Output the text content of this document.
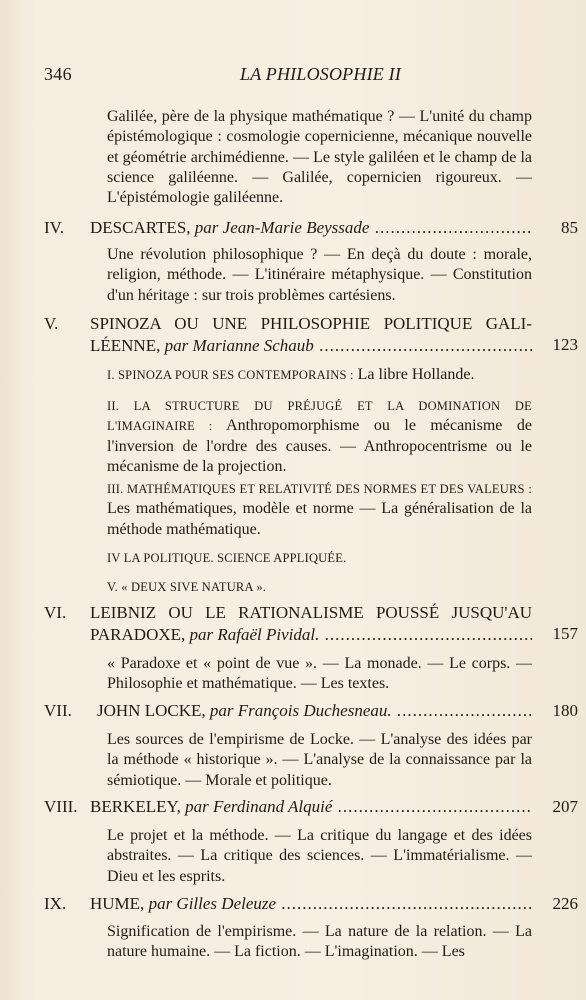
346	LA PHILOSOPHIE II
Galilée, père de la physique mathématique ? — L'unité du champ épistémologique : cosmologie copernicienne, mécanique nouvelle et géométrie archimédienne. — Le style galiléen et le champ de la science galiléenne. — Galilée, copernicien rigoureux. — L'épistémologie galiléenne.
IV. DESCARTES, par Jean-Marie Beyssade .....	85
Une révolution philosophique ? — En deçà du doute : morale, religion, méthode. — L'itinéraire métaphysique. — Constitution d'un héritage : sur trois problèmes cartésiens.
V. SPINOZA OU UNE PHILOSOPHIE POLITIQUE GALI-
LÉENNE, par Marianne Schaub .....	123
I. SPINOZA POUR SES CONTEMPORAINS : La libre Hollande.
II. LA STRUCTURE DU PRÉJUGÉ ET LA DOMINATION DE L'IMAGINAIRE : Anthropomorphisme ou le mécanisme de l'inversion de l'ordre des causes. — Anthropocentrisme ou le mécanisme de la projection.
III. MATHÉMATIQUES ET RELATIVITÉ DES NORMES ET DES VALEURS : Les mathématiques, modèle et norme — La généralisation de la méthode mathématique.
IV LA POLITIQUE. SCIENCE APPLIQUÉE.
V. « DEUX SIVE NATURA ».
VI. LEIBNIZ OU LE RATIONALISME POUSSÉ JUSQU'AU
PARADOXE, par Rafaël Pividal. .....	157
« Paradoxe et « point de vue ». — La monade. — Le corps. — Philosophie et mathématique. — Les textes.
VII. JOHN LOCKE, par François Duchesneau. .....	180
Les sources de l'empirisme de Locke. — L'analyse des idées par la méthode « historique ». — L'analyse de la connaissance par la sémiotique. — Morale et politique.
VIII. BERKELEY, par Ferdinand Alquié .....	207
Le projet et la méthode. — La critique du langage et des idées abstraites. — La critique des sciences. — L'immatérialisme. — Dieu et les esprits.
IX. HUME, par Gilles Deleuze .....	226
Signification de l'empirisme. — La nature de la relation. — La nature humaine. — La fiction. — L'imagination. — Les
